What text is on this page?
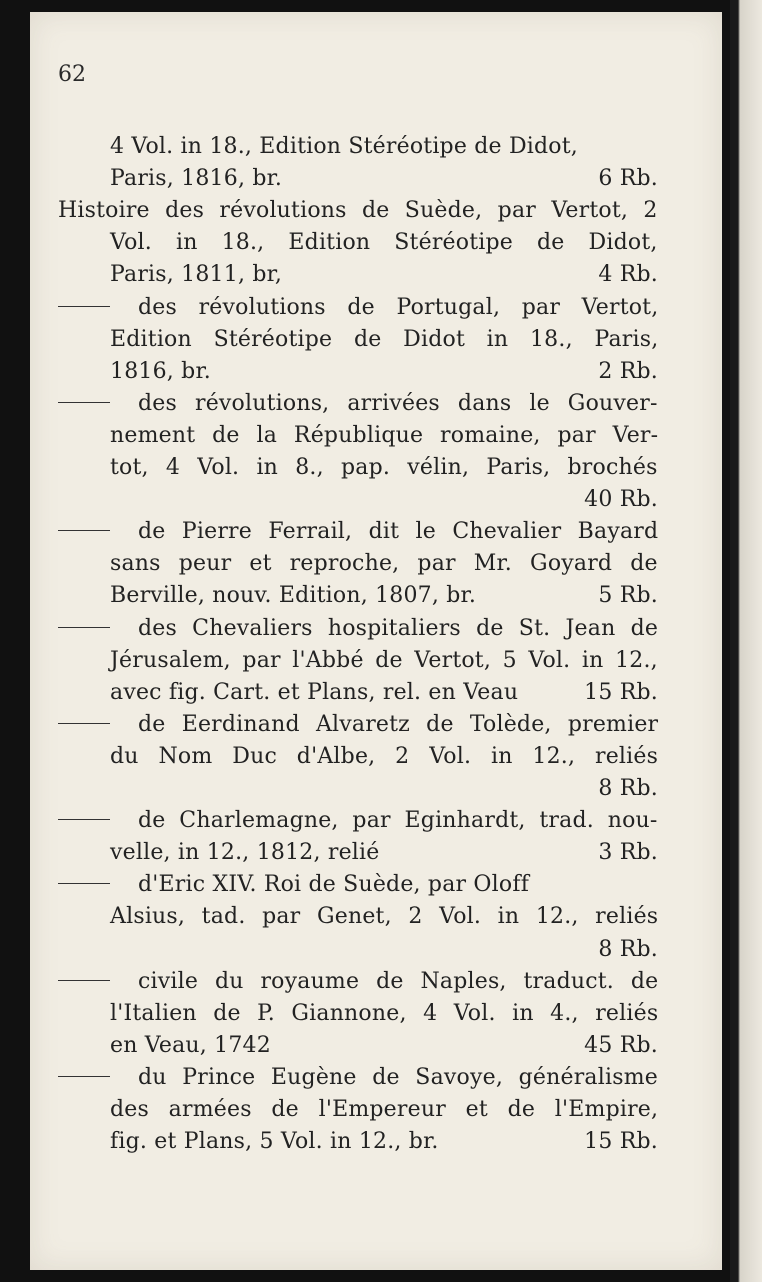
62
4 Vol. in 18., Edition Stéréotipe de Didot,
Paris, 1816, br.	6 Rb.
Histoire des révolutions de Suède, par Vertot, 2
Vol. in 18., Edition Stéréotipe de Didot,
Paris, 1811, br,	4 Rb.
des révolutions de Portugal, par Vertot,
Edition Stéréotipe de Didot in 18., Paris,
1816, br.	2 Rb.
des révolutions, arrivées dans le Gouver-
nement de la République romaine, par Ver-
tot, 4 Vol. in 8., pap. vélin, Paris, brochés
40 Rb.
de Pierre Ferrail, dit le Chevalier Bayard
sans peur et reproche, par Mr. Goyard de
Berville, nouv. Edition, 1807, br.	5 Rb.
des Chevaliers hospitaliers de St. Jean de
Jérusalem, par l'Abbé de Vertot, 5 Vol. in 12.,
avec fig. Cart. et Plans, rel. en Veau	15 Rb.
de Eerdinand Alvaretz de Tolède, premier
du Nom Duc d'Albe, 2 Vol. in 12., reliés
8 Rb.
de Charlemagne, par Eginhardt, trad. nou-
velle, in 12., 1812, relié	3 Rb.
d'Eric XIV. Roi de Suède, par Oloff
Alsius, tad. par Genet, 2 Vol. in 12., reliés
8 Rb.
civile du royaume de Naples, traduct. de
l'Italien de P. Giannone, 4 Vol. in 4., reliés
en Veau, 1742	45 Rb.
du Prince Eugène de Savoye, généralisme
des armées de l'Empereur et de l'Empire,
fig. et Plans, 5 Vol. in 12., br.	15 Rb.
